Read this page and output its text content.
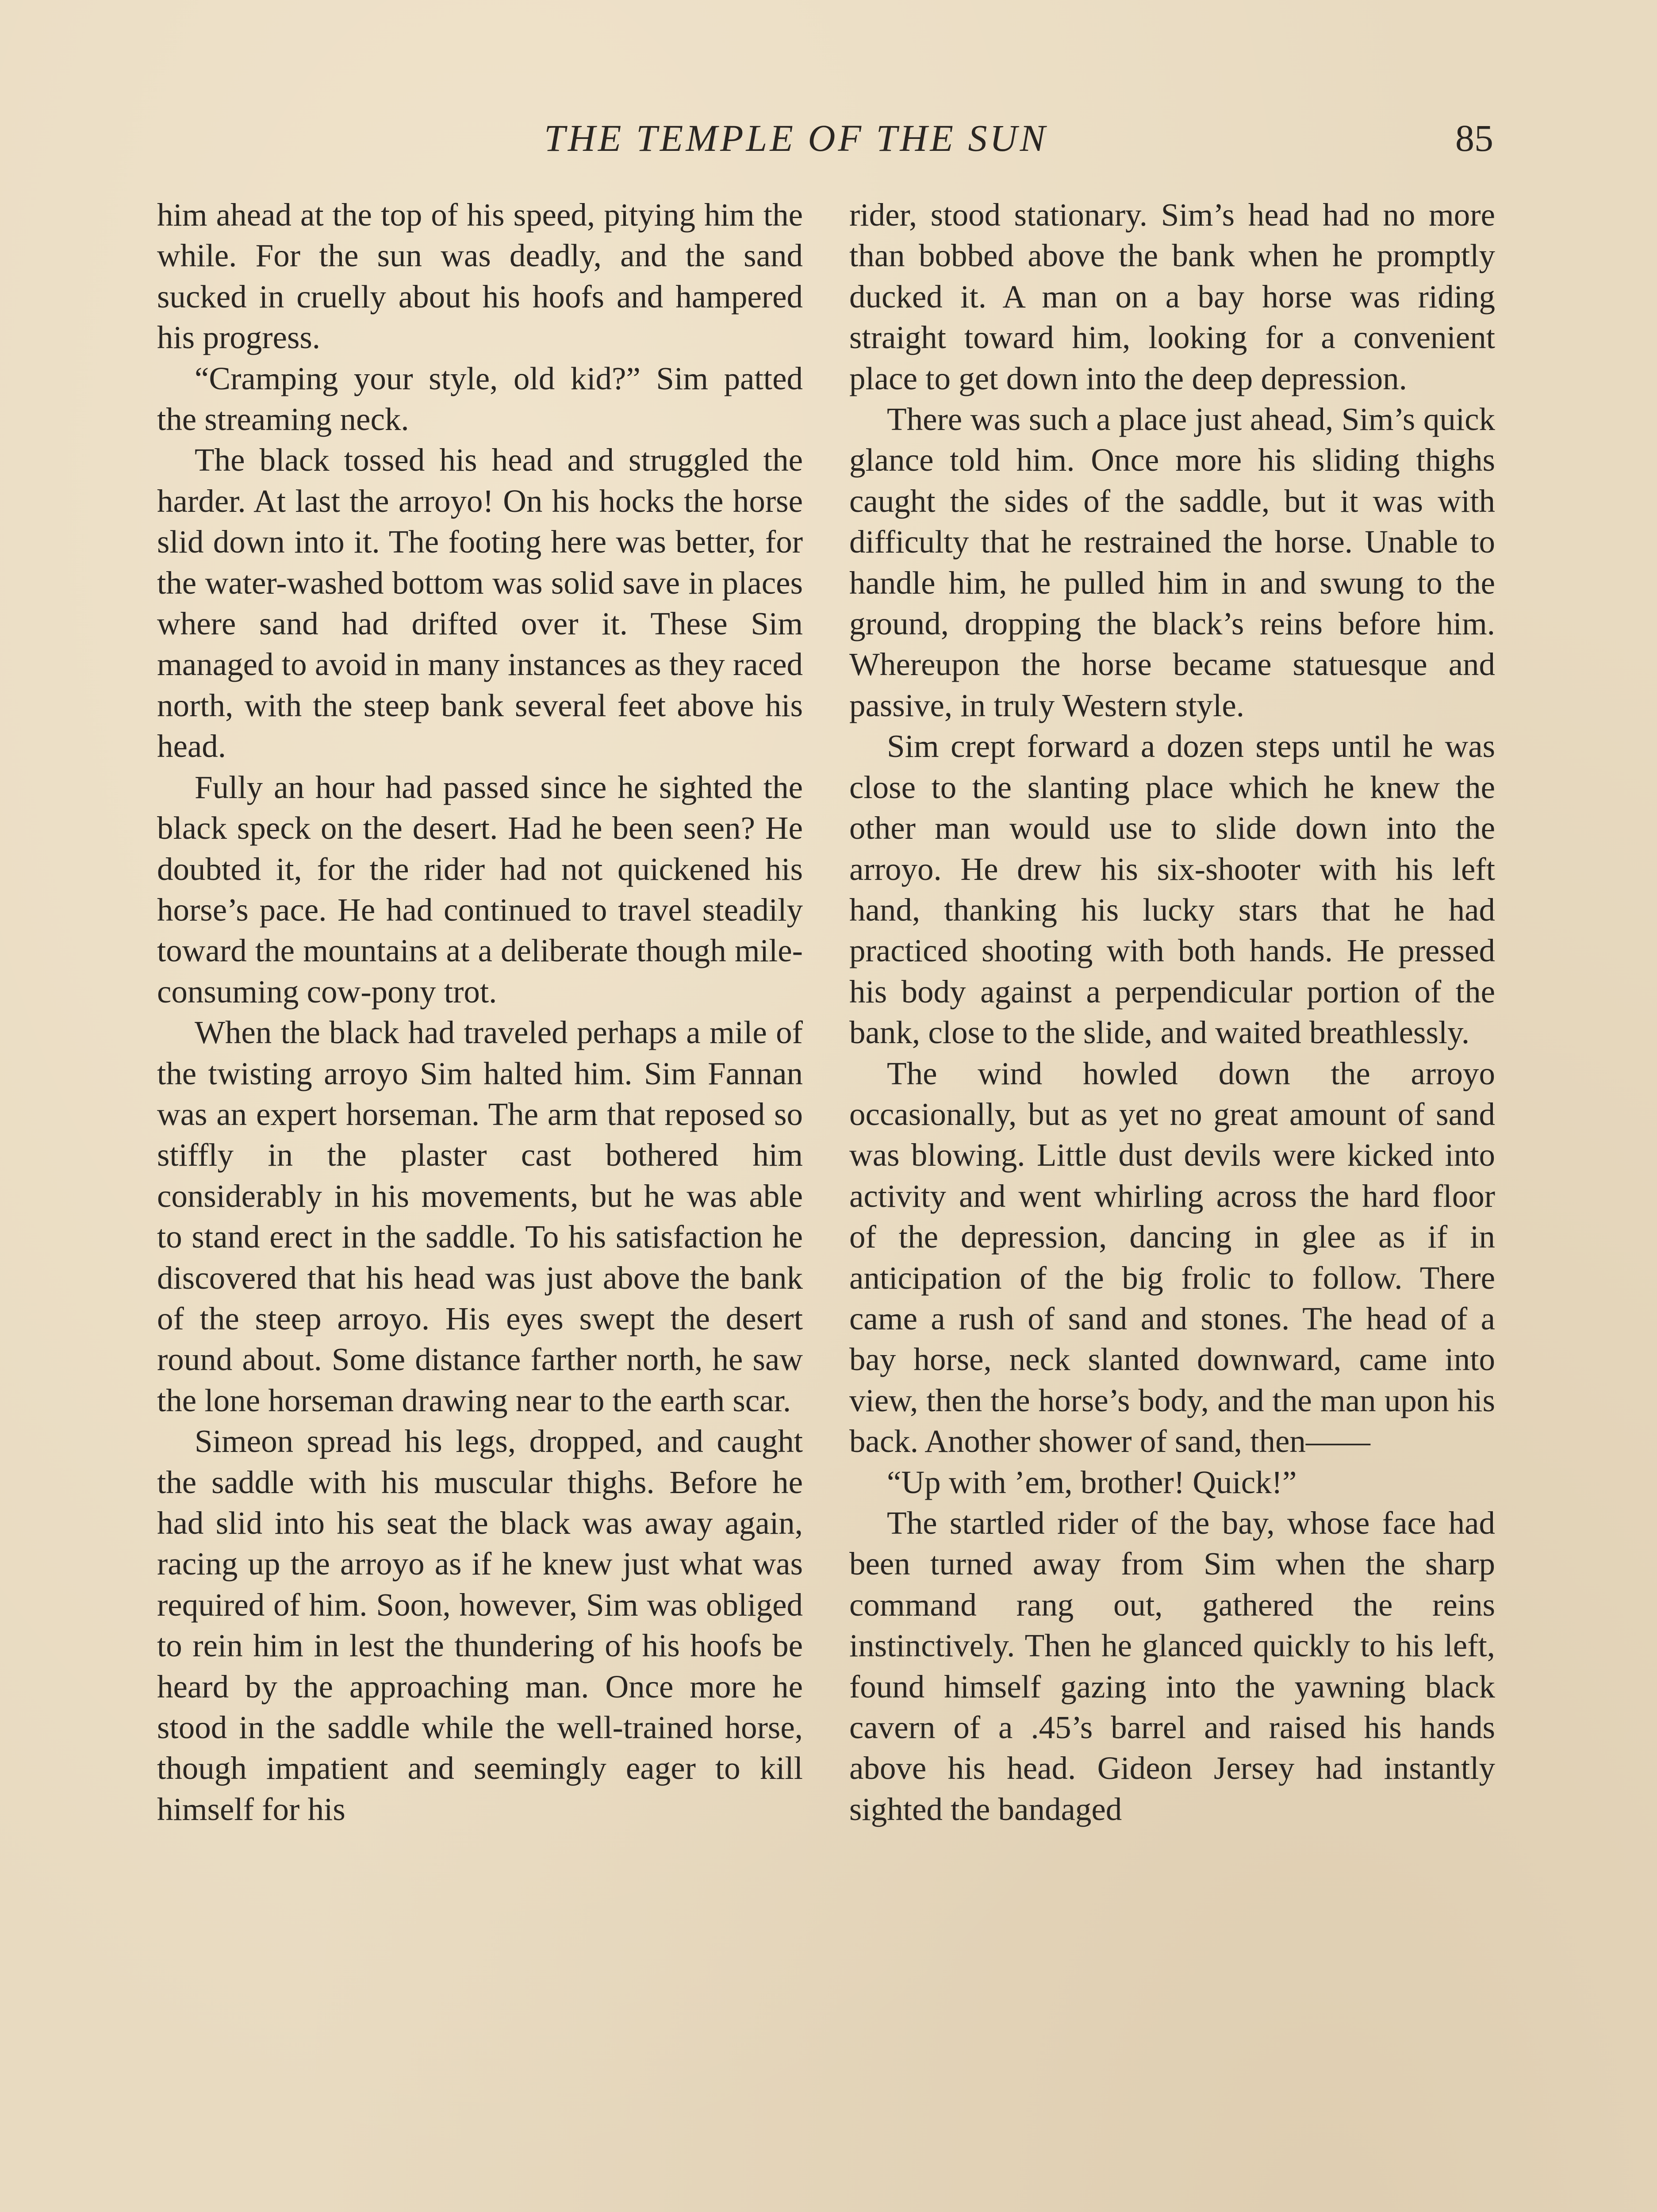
THE TEMPLE OF THE SUN	85

him ahead at the top of his speed, pitying him the while. For the sun was deadly, and the sand sucked in cruelly about his hoofs and hampered his progress.

“Cramping your style, old kid?” Sim patted the streaming neck.

The black tossed his head and struggled the harder. At last the arroyo! On his hocks the horse slid down into it. The footing here was better, for the water-washed bottom was solid save in places where sand had drifted over it. These Sim managed to avoid in many instances as they raced north, with the steep bank several feet above his head.

Fully an hour had passed since he sighted the black speck on the desert. Had he been seen? He doubted it, for the rider had not quickened his horse’s pace. He had continued to travel steadily toward the mountains at a deliberate though mile-consuming cow-pony trot.

When the black had traveled perhaps a mile of the twisting arroyo Sim halted him. Sim Fannan was an expert horseman. The arm that reposed so stiffly in the plaster cast bothered him considerably in his movements, but he was able to stand erect in the saddle. To his satisfaction he discovered that his head was just above the bank of the steep arroyo. His eyes swept the desert round about. Some distance farther north, he saw the lone horseman drawing near to the earth scar.

Simeon spread his legs, dropped, and caught the saddle with his muscular thighs. Before he had slid into his seat the black was away again, racing up the arroyo as if he knew just what was required of him. Soon, however, Sim was obliged to rein him in lest the thundering of his hoofs be heard by the approaching man. Once more he stood in the saddle while the well-trained horse, though impatient and seemingly eager to kill himself for his

rider, stood stationary. Sim’s head had no more than bobbed above the bank when he promptly ducked it. A man on a bay horse was riding straight toward him, looking for a convenient place to get down into the deep depression.

There was such a place just ahead, Sim’s quick glance told him. Once more his sliding thighs caught the sides of the saddle, but it was with difficulty that he restrained the horse. Unable to handle him, he pulled him in and swung to the ground, dropping the black’s reins before him. Whereupon the horse became statuesque and passive, in truly Western style.

Sim crept forward a dozen steps until he was close to the slanting place which he knew the other man would use to slide down into the arroyo. He drew his six-shooter with his left hand, thanking his lucky stars that he had practiced shooting with both hands. He pressed his body against a perpendicular portion of the bank, close to the slide, and waited breathlessly.

The wind howled down the arroyo occasionally, but as yet no great amount of sand was blowing. Little dust devils were kicked into activity and went whirling across the hard floor of the depression, dancing in glee as if in anticipation of the big frolic to follow. There came a rush of sand and stones. The head of a bay horse, neck slanted downward, came into view, then the horse’s body, and the man upon his back. Another shower of sand, then——

“Up with ’em, brother! Quick!”

The startled rider of the bay, whose face had been turned away from Sim when the sharp command rang out, gathered the reins instinctively. Then he glanced quickly to his left, found himself gazing into the yawning black cavern of a .45’s barrel and raised his hands above his head. Gideon Jersey had instantly sighted the bandaged
